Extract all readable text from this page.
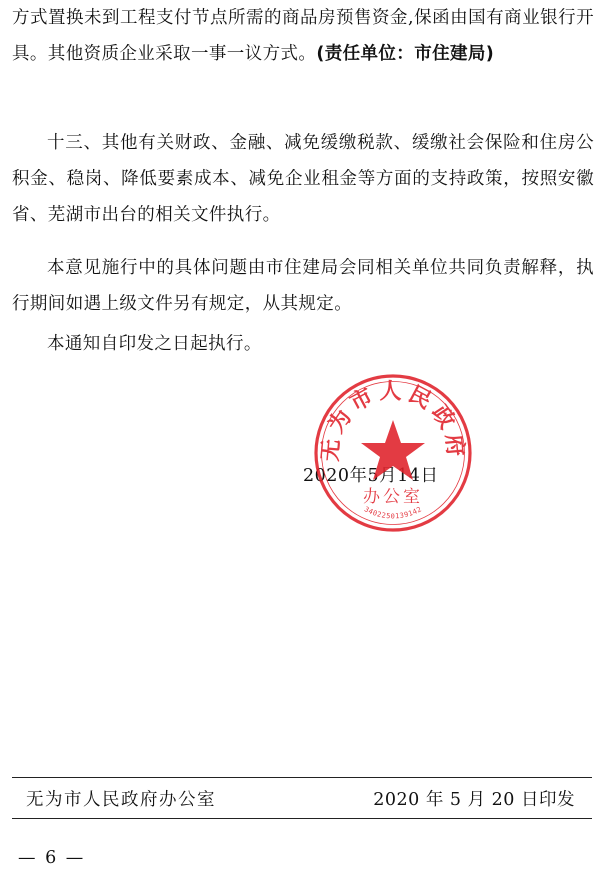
方式置换未到工程支付节点所需的商品房预售资金,保函由国有商业银行开具。其他资质企业采取一事一议方式。(责任单位：市住建局)

十三、其他有关财政、金融、减免缓缴税款、缓缴社会保险和住房公积金、稳岗、降低要素成本、减免企业租金等方面的支持政策，按照安徽省、芜湖市出台的相关文件执行。

本意见施行中的具体问题由市住建局会同相关单位共同负责解释，执行期间如遇上级文件另有规定，从其规定。

本通知自印发之日起执行。

2020年5月14日
无为市人民政府
办公室
3402250139142
无为市人民政府办公室	2020 年 5 月 20 日印发
— 6 —
